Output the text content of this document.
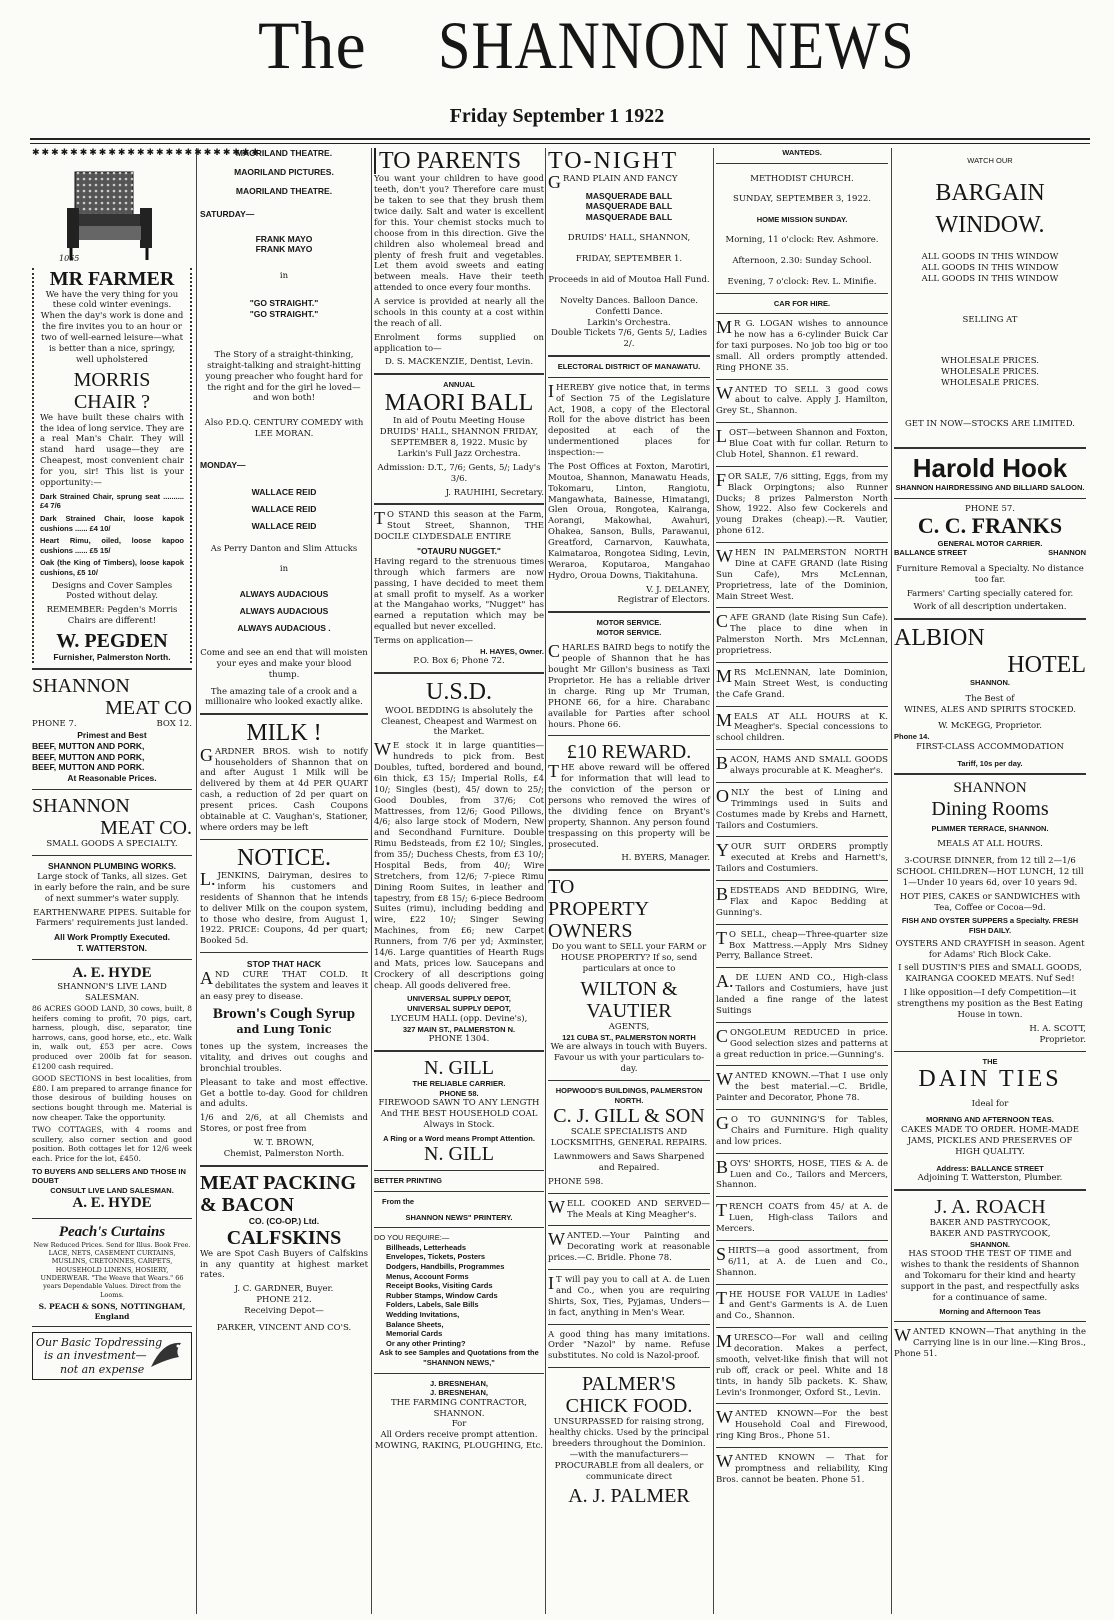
The SHANNON NEWS
Friday September 1 1922
✱✱✱✱✱✱✱✱✱✱✱✱✱✱✱✱✱✱✱✱✱✱✱✱
1065
MR FARMER

We have the very thing for you these cold winter evenings. When the day's work is done and the fire invites you to an hour or two of well-earned leisure—what is better than a nice, springy, well upholstered

MORRIS
CHAIR ?

We have built these chairs with the idea of long service. They are a real Man's Chair. They will stand hard usage—they are Cheapest, most convenient chair for you, sir! This list is your opportunity:—

Dark Strained Chair, sprung seat .......... £4 7/6

Dark Strained Chair, loose kapok cushions ...... £4 10/

Heart Rimu, oiled, loose kapoo cushions ...... £5 15/

Oak (the King of Timbers), loose kapok cushions, £5 10/

Designs and Cover Samples Posted without delay.

REMEMBER: Pegden's Morris Chairs are different!

W. PEGDEN
Furnisher, Palmerston North.
SHANNON
MEAT CO
PHONE 7.	BOX 12.
Primest and Best
BEEF, MUTTON AND PORK,
BEEF, MUTTON AND PORK,
BEEF, MUTTON AND PORK.
At Reasonable Prices.
SHANNON
MEAT CO.
SMALL GOODS A SPECIALTY.
SHANNON PLUMBING WORKS.

Large stock of Tanks, all sizes. Get in early before the rain, and be sure of next summer's water supply.

EARTHENWARE PIPES. Suitable for Farmers' requirements just landed.

All Work Promptly Executed.
T. WATTERSTON.
A. E. HYDE
SHANNON'S LIVE LAND SALESMAN.

86 ACRES GOOD LAND, 30 cows, built, 8 heifers coming to profit, 70 pigs, cart, harness, plough, disc, separator, tine harrows, cans, good horse, etc., etc. Walk in, walk out, £53 per acre. Cows produced over 200lb fat for season. £1200 cash required.

GOOD SECTIONS in best localities, from £80. I am prepared to arrange finance for those desirous of building houses on sections bought through me. Material is now cheaper. Take the opportunity.

TWO COTTAGES, with 4 rooms and scullery, also corner section and good position. Both cottages let for 12/6 week each. Price for the lot, £450.

TO BUYERS AND SELLERS AND THOSE IN DOUBT
CONSULT LIVE LAND SALESMAN.
A. E. HYDE
Peach's Curtains

New Reduced Prices. Send for Illus. Book Free. LACE, NETS, CASEMENT CURTAINS, MUSLINS, CRETONNES, CARPETS, HOUSEHOLD LINENS, HOSIERY, UNDERWEAR. "The Weave that Wears." 66 years Dependable Values. Direct from the Looms.

S. PEACH & SONS, NOTTINGHAM, England
Our Basic Topdressing
is an investment—
not an expense
MAORILAND THEATRE.
MAORILAND PICTURES.
MAORILAND THEATRE.
SATURDAY—
FRANK MAYO
FRANK MAYO
in
"GO STRAIGHT."
"GO STRAIGHT."

The Story of a straight-thinking, straight-talking and straight-hitting young preacher who fought hard for the right and for the girl he loved—and won both!

Also P.D.Q. CENTURY COMEDY with LEE MORAN.

MONDAY—
WALLACE REID
WALLACE REID
WALLACE REID
As Perry Danton and Slim Attucks
in
ALWAYS AUDACIOUS
ALWAYS AUDACIOUS
ALWAYS AUDACIOUS .

Come and see an end that will moisten your eyes and make your blood thump.

The amazing tale of a crook and a millionaire who looked exactly alike.

MILK !

GARDNER BROS. wish to notify householders of Shannon that on and after August 1 Milk will be delivered by them at 4d PER QUART cash, a reduction of 2d per quart on present prices. Cash Coupons obtainable at C. Vaughan's, Stationer, where orders may be left

NOTICE.

L.JENKINS, Dairyman, desires to inform his customers and residents of Shannon that he intends to deliver Milk on the coupon system, to those who desire, from August 1, 1922. PRICE: Coupons, 4d per quart; Booked 5d.

STOP THAT HACK

AND CURE THAT COLD. It debilitates the system and leaves it an easy prey to disease.

Brown's Cough Syrup
and Lung Tonic

tones up the system, increases the vitality, and drives out coughs and bronchial troubles.

Pleasant to take and most effective. Get a bottle to-day. Good for children and adults.

1/6 and 2/6, at all Chemists and Stores, or post free from

W. T. BROWN,
Chemist, Palmerston North.
MEAT PACKING & BACON
CO. (CO-OP.) Ltd.
CALFSKINS

We are Spot Cash Buyers of Calfskins in any quantity at highest market rates.

J. C. GARDNER, Buyer.
PHONE 212.
Receiving Depot—
PARKER, VINCENT AND CO'S.
TO PARENTS

You want your children to have good teeth, don't you? Therefore care must be taken to see that they brush them twice daily. Salt and water is excellent for this. Your chemist stocks much to choose from in this direction. Give the children also wholemeal bread and plenty of fresh fruit and vegetables. Let them avoid sweets and eating between meals. Have their teeth attended to once every four months.

A service is provided at nearly all the schools in this county at a cost within the reach of all.

Enrolment forms supplied on application to—

D. S. MACKENZIE, Dentist, Levin.
ANNUAL
MAORI BALL

In aid of Poutu Meeting House DRUIDS' HALL, SHANNON FRIDAY, SEPTEMBER 8, 1922. Music by Larkin's Full Jazz Orchestra.

Admission: D.T., 7/6; Gents, 5/; Lady's 3/6.

J. RAUHIHI, Secretary.

TO STAND this season at the Farm, Stout Street, Shannon, THE DOCILE CLYDESDALE ENTIRE

"OTAURU NUGGET."

Having regard to the strenuous times through which farmers are now passing, I have decided to meet them at small profit to myself. As a worker at the Mangahao works, "Nugget" has earned a reputation which may be equalled but never excelled.

Terms on application—
H. HAYES, Owner.
P.O. Box 6; Phone 72.
U.S.D.

WOOL BEDDING is absolutely the Cleanest, Cheapest and Warmest on the Market.

WE stock it in large quantities—hundreds to pick from. Best Doubles, tufted, bordered and bound, 6in thick, £3 15/; Imperial Rolls, £4 10/; Singles (best), 45/ down to 25/; Good Doubles, from 37/6; Cot Mattresses, from 12/6; Good Pillows, 4/6; also large stock of Modern, New and Secondhand Furniture. Double Rimu Bedsteads, from £2 10/; Singles, from 35/; Duchess Chests, from £3 10/; Hospital Beds, from 40/; Wire Stretchers, from 12/6; 7-piece Rimu Dining Room Suites, in leather and tapestry, from £8 15/; 6-piece Bedroom Suites (rimu), including bedding and wire, £22 10/; Singer Sewing Machines, from £6; new Carpet Runners, from 7/6 per yd; Axminster, 14/6. Large quantities of Hearth Rugs and Mats, prices low. Saucepans and Crockery of all descriptions going cheap. All goods delivered free.

UNIVERSAL SUPPLY DEPOT,
UNIVERSAL SUPPLY DEPOT,
LYCEUM HALL (opp. Devine's),
327 MAIN ST., PALMERSTON N.
PHONE 1304.
N. GILL
THE RELIABLE CARRIER.
PHONE 58.

FIREWOOD SAWN TO ANY LENGTH And THE BEST HOUSEHOLD COAL Always in Stock.

A Ring or a Word means Prompt Attention.
N. GILL
BETTER PRINTING
From the
SHANNON NEWS" PRINTERY.
DO YOU REQUIRE:—
Billheads, Letterheads
Envelopes, Tickets, Posters
Dodgers, Handbills, Programmes
Menus, Account Forms
Receipt Books, Visiting Cards
Rubber Stamps, Window Cards
Folders, Labels, Sale Bills
Wedding Invitations,
Balance Sheets,
Memorial Cards
Or any other Printing?
Ask to see Samples and Quotations from the
"SHANNON NEWS,"
J. BRESNEHAN,
J. BRESNEHAN,
THE FARMING CONTRACTOR, SHANNON.
For
All Orders receive prompt attention. MOWING, RAKING, PLOUGHING, Etc.
TO-NIGHT
GRAND PLAIN AND FANCY
MASQUERADE BALL
MASQUERADE BALL
MASQUERADE BALL
DRUIDS' HALL, SHANNON,
FRIDAY, SEPTEMBER 1.
Proceeds in aid of Moutoa Hall Fund.
Novelty Dances. Balloon Dance. Confetti Dance.
Larkin's Orchestra.
Double Tickets 7/6, Gents 5/, Ladies 2/.
ELECTORAL DISTRICT OF MANAWATU.

IHEREBY give notice that, in terms of Section 75 of the Legislature Act, 1908, a copy of the Electoral Roll for the above district has been deposited at each of the undermentioned places for inspection:—

The Post Offices at Foxton, Marotiri, Moutoa, Shannon, Manawatu Heads, Tokomaru, Linton, Rangiotu, Mangawhata, Bainesse, Himatangi, Glen Oroua, Rongotea, Kairanga, Aorangi, Makowhai, Awahuri, Ohakea, Sanson, Bulls, Parawanui, Greatford, Carnarvon, Kauwhata, Kaimataroa, Rongotea Siding, Levin, Weraroa, Koputaroa, Mangahao Hydro, Oroua Downs, Tiakitahuna.

V. J. DELANEY,
Registrar of Electors.
MOTOR SERVICE.
MOTOR SERVICE.

CHARLES BAIRD begs to notify the people of Shannon that he has bought Mr Gillon's business as Taxi Proprietor. He has a reliable driver in charge. Ring up Mr Truman, PHONE 66, for a hire. Charabanc available for Parties after school hours. Phone 66.

£10 REWARD.

THE above reward will be offered for information that will lead to the conviction of the person or persons who removed the wires of the dividing fence on Bryant's property, Shannon. Any person found trespassing on this property will be prosecuted.

H. BYERS, Manager.
TO
PROPERTY
OWNERS

Do you want to SELL your FARM or HOUSE PROPERTY? If so, send particulars at once to

WILTON & VAUTIER
AGENTS,
121 CUBA ST., PALMERSTON NORTH

We are always in touch with Buyers. Favour us with your particulars to-day.

HOPWOOD'S BUILDINGS, PALMERSTON NORTH.
C. J. GILL & SON

SCALE SPECIALISTS AND LOCKSMITHS, GENERAL REPAIRS.

Lawnmowers and Saws Sharpened and Repaired.

PHONE 598.

WELL COOKED AND SERVED—The Meals at King Meagher's.

WANTED.—Your Painting and Decorating work at reasonable prices.—C. Bridle. Phone 78.

IT will pay you to call at A. de Luen and Co., when you are requiring Shirts, Sox, Ties, Pyjamas, Unders—in fact, anything in Men's Wear.

A good thing has many imitations. Order "Nazol" by name. Refuse substitutes. No cold is Nazol-proof.

PALMER'S
CHICK FOOD.

UNSURPASSED for raising strong, healthy chicks. Used by the principal breeders throughout the Dominion. —with the manufacturers— PROCURABLE from all dealers, or communicate direct

A. J. PALMER
WANTEDS.
METHODIST CHURCH.
SUNDAY, SEPTEMBER 3, 1922.
HOME MISSION SUNDAY.
Morning, 11 o'clock: Rev. Ashmore.
Afternoon, 2.30: Sunday School.
Evening, 7 o'clock: Rev. L. Minifie.
CAR FOR HIRE.

MR G. LOGAN wishes to announce he now has a 6-cylinder Buick Car for taxi purposes. No job too big or too small. All orders promptly attended. Ring PHONE 35.

WANTED TO SELL 3 good cows about to calve. Apply J. Hamilton, Grey St., Shannon.

LOST—between Shannon and Foxton, Blue Coat with fur collar. Return to Club Hotel, Shannon. £1 reward.

FOR SALE, 7/6 sitting, Eggs, from my Black Orpingtons; also Runner Ducks; 8 prizes Palmerston North Show, 1922. Also few Cockerels and young Drakes (cheap).—R. Vautier, phone 612.

WHEN IN PALMERSTON NORTH Dine at CAFE GRAND (late Rising Sun Cafe), Mrs McLennan, Proprietress, late of the Dominion, Main Street West.

CAFE GRAND (late Rising Sun Cafe). The place to dine when in Palmerston North. Mrs McLennan, proprietress.

MRS McLENNAN, late Dominion, Main Street West, is conducting the Cafe Grand.

MEALS AT ALL HOURS at K. Meagher's. Special concessions to school children.

BACON, HAMS AND SMALL GOODS always procurable at K. Meagher's.

ONLY the best of Lining and Trimmings used in Suits and Costumes made by Krebs and Harnett, Tailors and Costumiers.

YOUR SUIT ORDERS promptly executed at Krebs and Harnett's, Tailors and Costumiers.

BEDSTEADS AND BEDDING, Wire, Flax and Kapoc Bedding at Gunning's.

TO SELL, cheap—Three-quarter size Box Mattress.—Apply Mrs Sidney Perry, Ballance Street.

A.DE LUEN AND CO., High-class Tailors and Costumiers, have just landed a fine range of the latest Suitings

CONGOLEUM REDUCED in price. Good selection sizes and patterns at a great reduction in price.—Gunning's.

WANTED KNOWN.—That I use only the best material.—C. Bridle, Painter and Decorator, Phone 78.

GO TO GUNNING'S for Tables, Chairs and Furniture. High quality and low prices.

BOYS' SHORTS, HOSE, TIES & A. de Luen and Co., Tailors and Mercers, Shannon.

TRENCH COATS from 45/ at A. de Luen, High-class Tailors and Mercers.

SHIRTS—a good assortment, from 6/11, at A. de Luen and Co., Shannon.

THE HOUSE FOR VALUE in Ladies' and Gent's Garments is A. de Luen and Co., Shannon.

MURESCO—For wall and ceiling decoration. Makes a perfect, smooth, velvet-like finish that will not rub off, crack or peel. White and 18 tints, in handy 5lb packets. K. Shaw, Levin's Ironmonger, Oxford St., Levin.

WANTED KNOWN—For the best Household Coal and Firewood, ring King Bros., Phone 51.

WANTED KNOWN — That for promptness and reliability, King Bros. cannot be beaten. Phone 51.

WATCH OUR
BARGAIN
WINDOW.
ALL GOODS IN THIS WINDOW
ALL GOODS IN THIS WINDOW
ALL GOODS IN THIS WINDOW
SELLING AT
WHOLESALE PRICES.
WHOLESALE PRICES.
WHOLESALE PRICES.
GET IN NOW—STOCKS ARE LIMITED.
Harold Hook
SHANNON HAIRDRESSING AND BILLIARD SALOON.
PHONE 57.
C. C. FRANKS
GENERAL MOTOR CARRIER.
BALLANCE STREET	SHANNON

Furniture Removal a Specialty. No distance too far.

Farmers' Carting specially catered for.

Work of all description undertaken.

ALBION
HOTEL
SHANNON.
The Best of
WINES, ALES AND SPIRITS STOCKED.
W. McKEGG, Proprietor.
Phone 14.
FIRST-CLASS ACCOMMODATION
Tariff, 10s per day.
SHANNON
Dining Rooms
PLIMMER TERRACE, SHANNON.
MEALS AT ALL HOURS.

3-COURSE DINNER, from 12 till 2—1/6 SCHOOL CHILDREN—HOT LUNCH, 12 till 1—Under 10 years 6d, over 10 years 9d.

HOT PIES, CAKES or SANDWICHES with Tea, Coffee or Cocoa—9d.

FISH AND OYSTER SUPPERS a Specialty. FRESH FISH DAILY.

OYSTERS AND CRAYFISH in season. Agent for Adams' Rich Block Cake.

I sell DUSTIN'S PIES and SMALL GOODS, KAIRANGA COOKED MEATS. Nuf Sed!

I like opposition—I defy Competition—it strengthens my position as the Best Eating House in town.

H. A. SCOTT,
Proprietor.
THE
DAIN TIES
Ideal for
MORNING AND AFTERNOON TEAS.

CAKES MADE TO ORDER. HOME-MADE JAMS, PICKLES AND PRESERVES OF HIGH QUALITY.

Address: BALLANCE STREET
Adjoining T. Watterston, Plumber.
J. A. ROACH
BAKER AND PASTRYCOOK,
BAKER AND PASTRYCOOK,
SHANNON.

HAS STOOD THE TEST OF TIME and wishes to thank the residents of Shannon and Tokomaru for their kind and hearty support in the past, and respectfully asks for a continuance of same.

Morning and Afternoon Teas

WANTED KNOWN—That anything in the Carrying line is in our line.—King Bros., Phone 51.
